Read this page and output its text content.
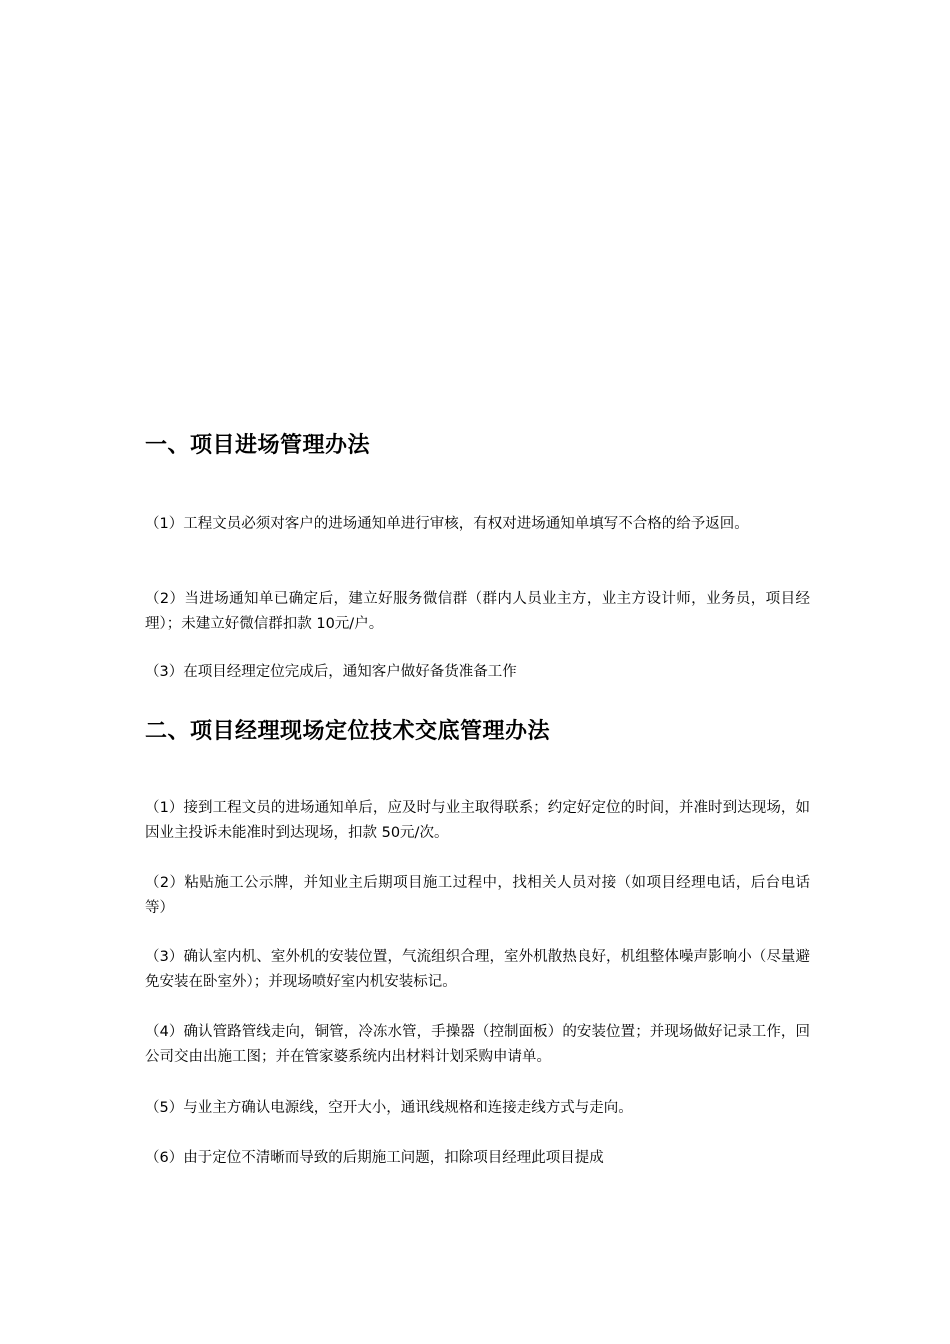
一、项目进场管理办法

（1）工程文员必须对客户的进场通知单进行审核，有权对进场通知单填写不合格的给予返回。

（2）当进场通知单已确定后，建立好服务微信群（群内人员业主方，业主方设计师，业务员，项目经理）；未建立好微信群扣款 10元/户。

（3）在项目经理定位完成后，通知客户做好备货准备工作

二、项目经理现场定位技术交底管理办法

（1）接到工程文员的进场通知单后，应及时与业主取得联系；约定好定位的时间，并准时到达现场，如因业主投诉未能准时到达现场，扣款 50元/次。

（2）粘贴施工公示牌，并知业主后期项目施工过程中，找相关人员对接（如项目经理电话，后台电话等）

（3）确认室内机、室外机的安装位置，气流组织合理，室外机散热良好，机组整体噪声影响小（尽量避免安装在卧室外）；并现场喷好室内机安装标记。

（4）确认管路管线走向，铜管，冷冻水管，手操器（控制面板）的安装位置；并现场做好记录工作，回公司交由出施工图；并在管家婆系统内出材料计划采购申请单。

（5）与业主方确认电源线，空开大小，通讯线规格和连接走线方式与走向。

（6）由于定位不清晰而导致的后期施工问题，扣除项目经理此项目提成
